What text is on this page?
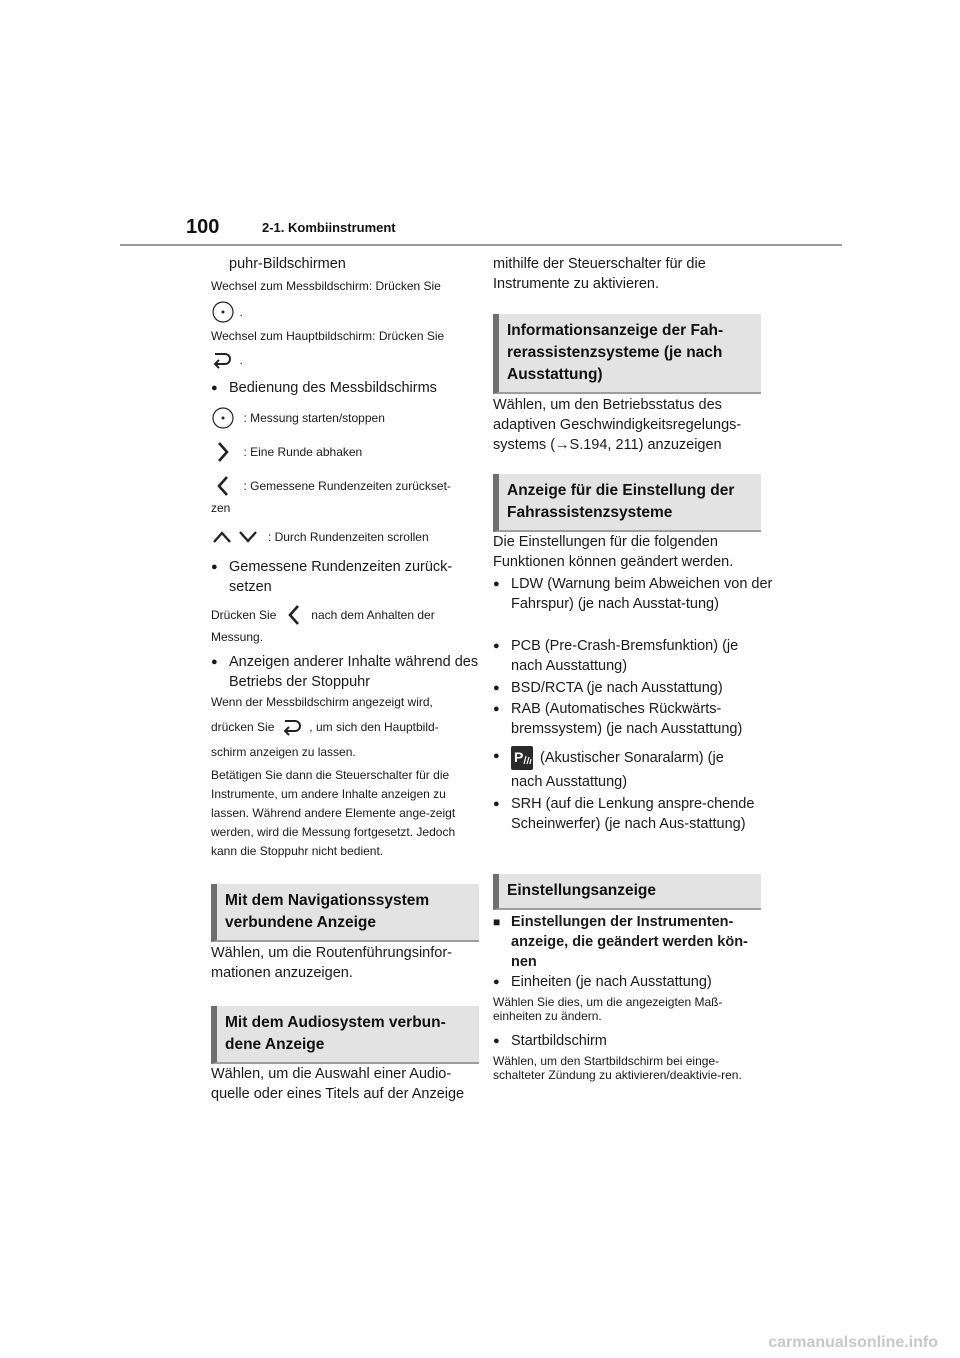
100	2-1. Kombiinstrument

puhr-Bildschirmen

Wechsel zum Messbildschirm: Drücken Sie

.

Wechsel zum Hauptbildschirm: Drücken Sie

.

● Bedienung des Messbildschirms

: Messung starten/stoppen
: Eine Runde abhaken
: Gemessene Rundenzeiten zurückset-

zen

: Durch Rundenzeiten scrollen

● Gemessene Rundenzeiten zurück-setzen

Drücken Sie	nach dem Anhalten der

Messung.

● Anzeigen anderer Inhalte während des Betriebs der Stoppuhr

Wenn der Messbildschirm angezeigt wird,

drücken Sie	, um sich den Hauptbild-

schirm anzeigen zu lassen.

Betätigen Sie dann die Steuerschalter für die Instrumente, um andere Inhalte anzeigen zu lassen. Während andere Elemente ange-zeigt werden, wird die Messung fortgesetzt. Jedoch kann die Stoppuhr nicht bedient.

Mit dem Navigationssystem verbundene Anzeige

Wählen, um die Routenführungsinfor-mationen anzuzeigen.

Mit dem Audiosystem verbun-dene Anzeige

Wählen, um die Auswahl einer Audio-quelle oder eines Titels auf der Anzeige

mithilfe der Steuerschalter für die Instrumente zu aktivieren.

Informationsanzeige der Fah-rerassistenzsysteme (je nach Ausstattung)

Wählen, um den Betriebsstatus des adaptiven Geschwindigkeitsregelungs-systems (→S.194, 211) anzuzeigen

Anzeige für die Einstellung der Fahrassistenzsysteme

Die Einstellungen für die folgenden Funktionen können geändert werden.

● LDW (Warnung beim Abweichen von der Fahrspur) (je nach Ausstat-tung)

● PCB (Pre-Crash-Bremsfunktion) (je nach Ausstattung)

● BSD/RCTA (je nach Ausstattung)

● RAB (Automatisches Rückwärts-bremssystem) (je nach Ausstattung)

● P (Akustischer Sonaralarm) (je

nach Ausstattung)

● SRH (auf die Lenkung anspre-chende Scheinwerfer) (je nach Aus-stattung)

Einstellungsanzeige

■ Einstellungen der Instrumenten-anzeige, die geändert werden kön-nen

● Einheiten (je nach Ausstattung)

Wählen Sie dies, um die angezeigten Maß-einheiten zu ändern.

● Startbildschirm

Wählen, um den Startbildschirm bei einge-schalteter Zündung zu aktivieren/deaktivie-ren.

carmanualsonline.info
